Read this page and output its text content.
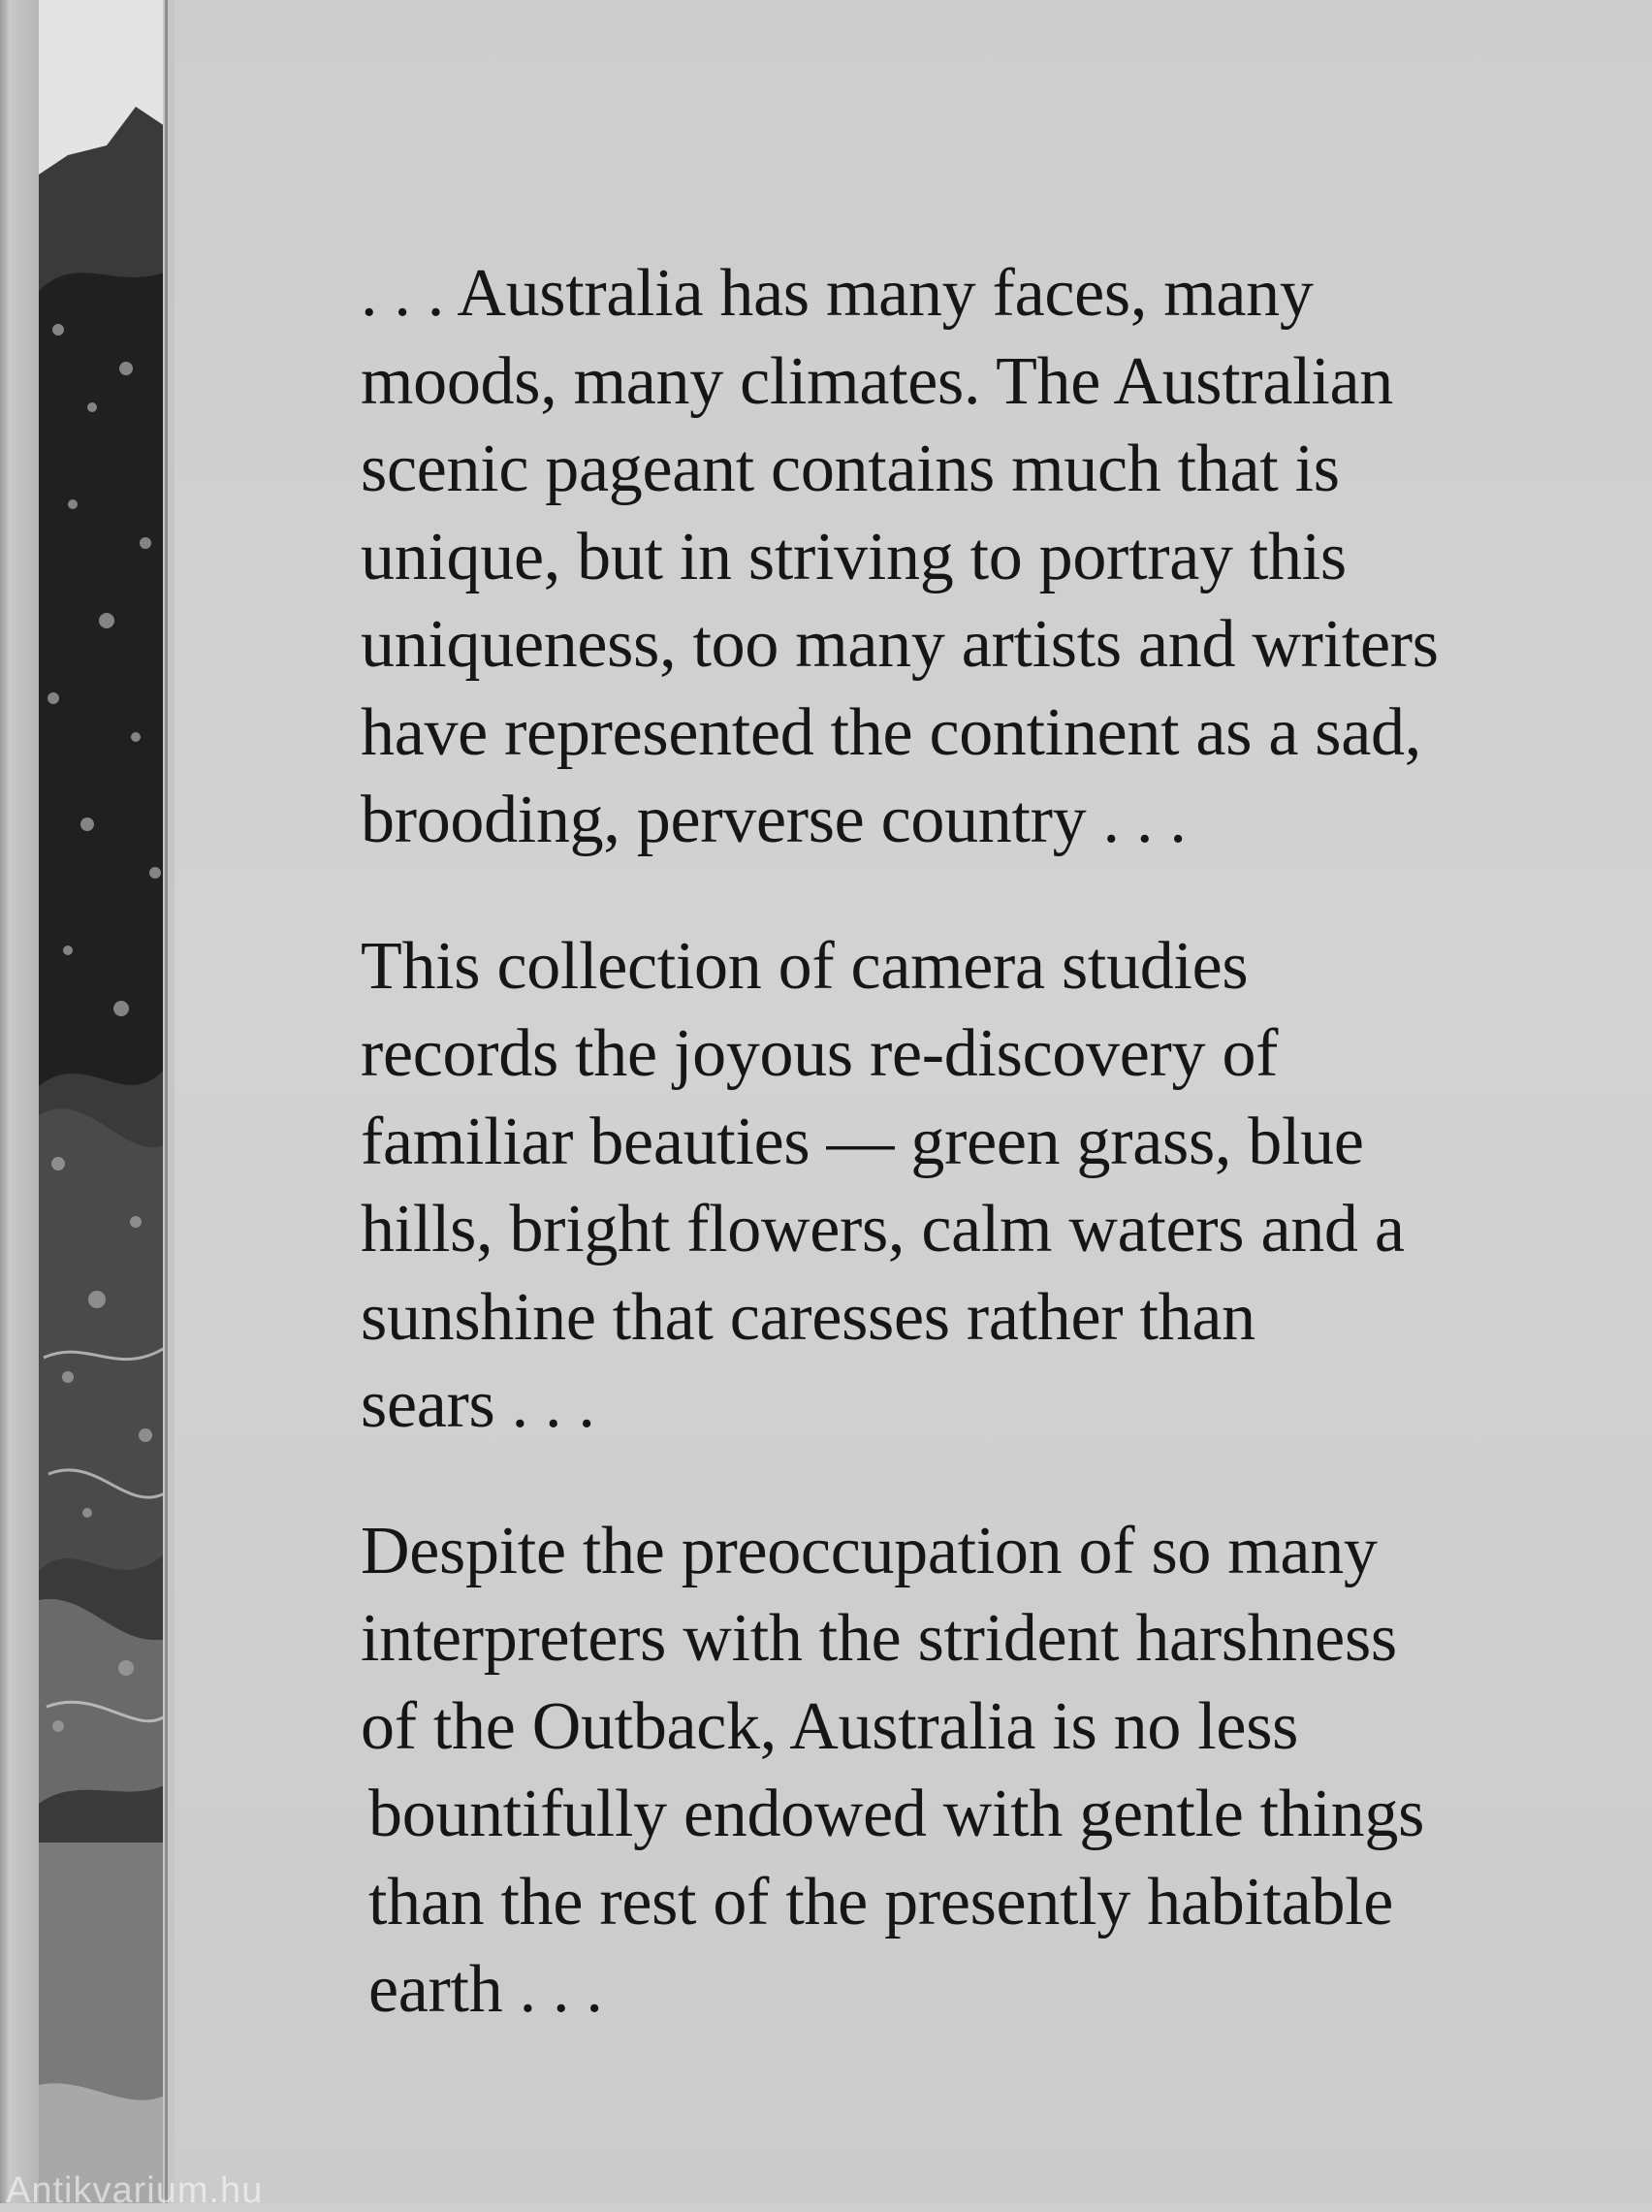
. . . Australia has many faces, many
moods, many climates. The Australian
scenic pageant contains much that is
unique, but in striving to portray this
uniqueness, too many artists and writers
have represented the continent as a sad,
brooding, perverse country . . .

This collection of camera studies
records the joyous re-discovery of
familiar beauties — green grass, blue
hills, bright flowers, calm waters and a
sunshine that caresses rather than
sears . . .

Despite the preoccupation of so many
interpreters with the strident harshness
of the Outback, Australia is no less
bountifully endowed with gentle things
than the rest of the presently habitable
earth . . .

Antikvarium.hu
